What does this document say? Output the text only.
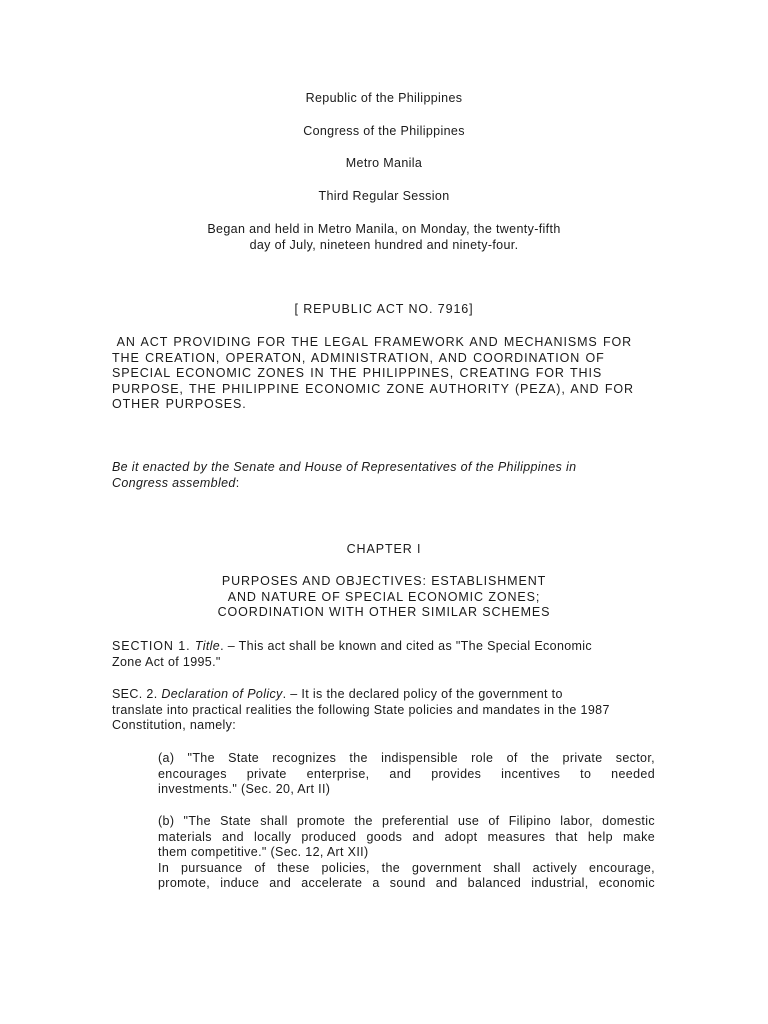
Republic of the Philippines
Congress of the Philippines
Metro Manila
Third Regular Session
Began and held in Metro Manila, on Monday, the twenty-fifth
day of July, nineteen hundred and ninety-four.
[ REPUBLIC ACT NO. 7916]
AN ACT PROVIDING FOR THE LEGAL FRAMEWORK AND MECHANISMS FOR
THE CREATION, OPERATON, ADMINISTRATION, AND COORDINATION OF
SPECIAL ECONOMIC ZONES IN THE PHILIPPINES, CREATING FOR THIS
PURPOSE, THE PHILIPPINE ECONOMIC ZONE AUTHORITY (PEZA), AND FOR
OTHER PURPOSES.
Be it enacted by the Senate and House of Representatives of the Philippines in
Congress assembled:
CHAPTER I
PURPOSES AND OBJECTIVES: ESTABLISHMENT
AND NATURE OF SPECIAL ECONOMIC ZONES;
COORDINATION WITH OTHER SIMILAR SCHEMES
SECTION 1. Title. – This act shall be known and cited as "The Special Economic
Zone Act of 1995."
SEC. 2. Declaration of Policy. – It is the declared policy of the government to
translate into practical realities the following State policies and mandates in the 1987
Constitution, namely:
(a) "The State recognizes the indispensible role of the private sector,
encourages private enterprise, and provides incentives to needed
investments." (Sec. 20, Art II)
(b) "The State shall promote the preferential use of Filipino labor, domestic
materials and locally produced goods and adopt measures that help make
them competitive." (Sec. 12, Art XII)
In pursuance of these policies, the government shall actively encourage,
promote, induce and accelerate a sound and balanced industrial, economic
